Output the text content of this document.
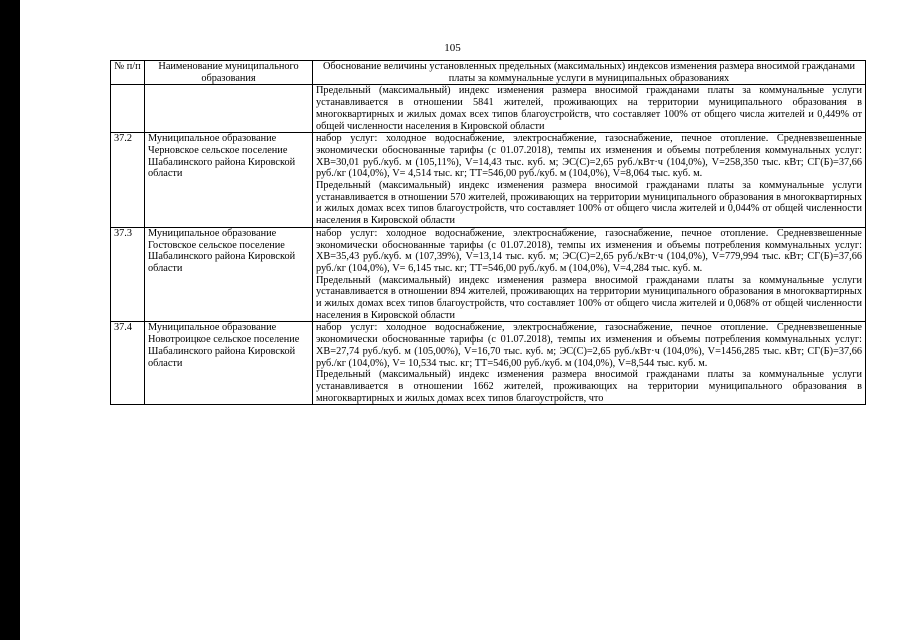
105
№ п/п	Наименование муниципального образования	Обоснование величины установленных предельных (максимальных) индексов изменения размера вносимой гражданами платы за коммунальные услуги в муниципальных образованиях

		Предельный (максимальный) индекс изменения размера вносимой гражданами платы за коммунальные услуги устанавливается в отношении 5841 жителей, проживающих на территории муниципального образования в многоквартирных и жилых домах всех типов благоустройств, что составляет 100% от общего числа жителей и 0,449% от общей численности населения в Кировской области

37.2	Муниципальное образование Черновское сельское поселение Шабалинского района Кировской области	набор услуг: холодное водоснабжение, электроснабжение, газоснабжение, печное отопление. Средневзвешенные экономически обоснованные тарифы (с 01.07.2018), темпы их изменения и объемы потребления коммунальных услуг: ХВ=30,01 руб./куб. м (105,11%), V=14,43 тыс. куб. м; ЭС(С)=2,65 руб./кВт·ч (104,0%), V=258,350 тыс. кВт; СГ(Б)=37,66 руб./кг (104,0%), V= 4,514 тыс. кг; ТТ=546,00 руб./куб. м (104,0%), V=8,064 тыс. куб. м.

Предельный (максимальный) индекс изменения размера вносимой гражданами платы за коммунальные услуги устанавливается в отношении 570 жителей, проживающих на территории муниципального образования в многоквартирных и жилых домах всех типов благоустройств, что составляет 100% от общего числа жителей и 0,044% от общей численности населения в Кировской области

37.3	Муниципальное образование Гостовское сельское поселение Шабалинского района Кировской области	набор услуг: холодное водоснабжение, электроснабжение, газоснабжение, печное отопление. Средневзвешенные экономически обоснованные тарифы (с 01.07.2018), темпы их изменения и объемы потребления коммунальных услуг: ХВ=35,43 руб./куб. м (107,39%), V=13,14 тыс. куб. м; ЭС(С)=2,65 руб./кВт·ч (104,0%), V=779,994 тыс. кВт; СГ(Б)=37,66 руб./кг (104,0%), V= 6,145 тыс. кг; ТТ=546,00 руб./куб. м (104,0%), V=4,284 тыс. куб. м.

Предельный (максимальный) индекс изменения размера вносимой гражданами платы за коммунальные услуги устанавливается в отношении 894 жителей, проживающих на территории муниципального образования в многоквартирных и жилых домах всех типов благоустройств, что составляет 100% от общего числа жителей и 0,068% от общей численности населения в Кировской области

37.4	Муниципальное образование Новотроицкое сельское поселение Шабалинского района Кировской области	набор услуг: холодное водоснабжение, электроснабжение, газоснабжение, печное отопление. Средневзвешенные экономически обоснованные тарифы (с 01.07.2018), темпы их изменения и объемы потребления коммунальных услуг: ХВ=27,74 руб./куб. м (105,00%), V=16,70 тыс. куб. м; ЭС(С)=2,65 руб./кВт·ч (104,0%), V=1456,285 тыс. кВт; СГ(Б)=37,66 руб./кг (104,0%), V= 10,534 тыс. кг; ТТ=546,00 руб./куб. м (104,0%), V=8,544 тыс. куб. м.

Предельный (максимальный) индекс изменения размера вносимой гражданами платы за коммунальные услуги устанавливается в отношении 1662 жителей, проживающих на территории муниципального образования в многоквартирных и жилых домах всех типов благоустройств, что
